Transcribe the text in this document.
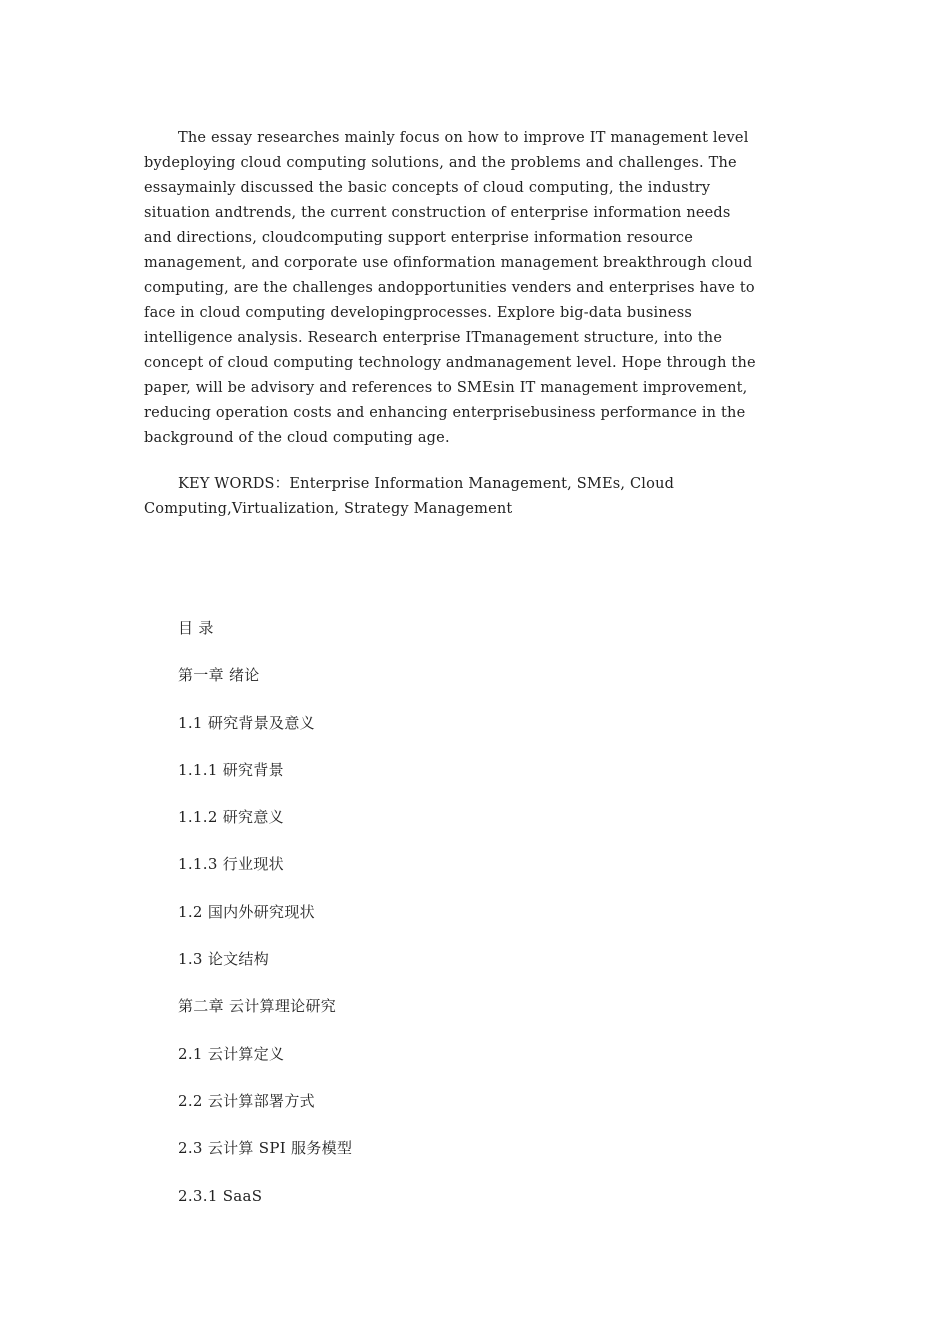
The essay researches mainly focus on how to improve IT management level
bydeploying cloud computing solutions, and the problems and challenges. The
essaymainly discussed the basic concepts of cloud computing, the industry
situation andtrends, the current construction of enterprise information needs
and directions, cloudcomputing support enterprise information resource
management, and corporate use ofinformation management breakthrough cloud
computing, are the challenges andopportunities venders and enterprises have to
face in cloud computing developingprocesses. Explore big-data business
intelligence analysis. Research enterprise ITmanagement structure, into the
concept of cloud computing technology andmanagement level. Hope through the
paper, will be advisory and references to SMEsin IT management improvement,
reducing operation costs and enhancing enterprisebusiness performance in the
background of the cloud computing age.
KEY WORDS：Enterprise Information Management, SMEs, Cloud
Computing,Virtualization, Strategy Management
目 录
第一章 绪论
1.1 研究背景及意义
1.1.1 研究背景
1.1.2 研究意义
1.1.3 行业现状
1.2 国内外研究现状
1.3 论文结构
第二章 云计算理论研究
2.1 云计算定义
2.2 云计算部署方式
2.3 云计算 SPI 服务模型
2.3.1 SaaS
